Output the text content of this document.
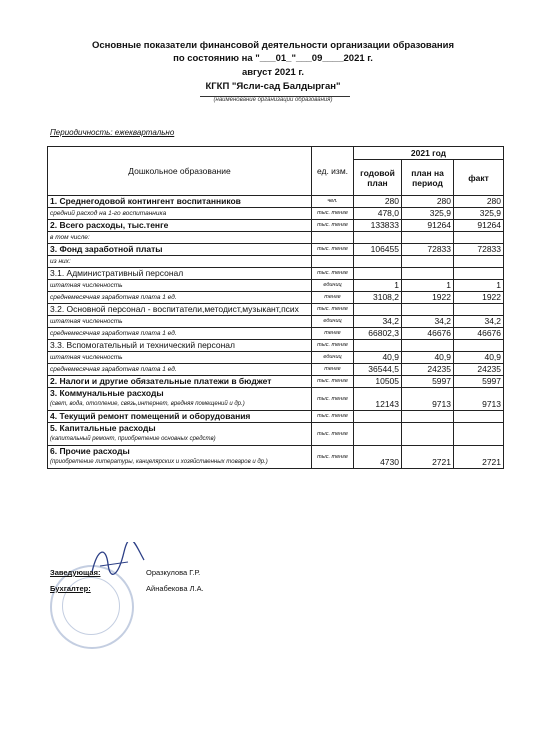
Основные показатели финансовой деятельности организации образования
по состоянию на "___01_"___09____2021 г.
август 2021 г.
КГКП "Ясли-сад Балдырган"
(наименование организации образования)
Периодичность: ежеквартально
Дошкольное образование	ед. изм.	2021 год		
		годовой план	план на период	факт
1. Среднегодовой контингент воспитанников	чел.	280	280	280
средний расход на 1-го воспитанника	тыс. тенге	478,0	325,9	325,9
2. Всего расходы, тыс.тенге	тыс. тенге	133833	91264	91264
в том числе:				
3. Фонд заработной платы	тыс. тенге	106455	72833	72833
из них:				
3.1. Административный персонал	тыс. тенге			
штатная численность	единиц	1	1	1
среднемесячная заработная плата 1 ед.	тенге	3108,2	1922	1922
3.2. Основной персонал - воспитатели,методист,музыкант,псих	тыс. тенге			
штатная численность	единиц	34,2	34,2	34,2
среднемесячная заработная плата 1 ед.	тенге	66802,3	46676	46676
3.3. Вспомогательный и технический персонал	тыс. тенге			
штатная численность	единиц	40,9	40,9	40,9
среднемесячная заработная плата 1 ед.	тенге	36544,5	24235	24235
2. Налоги и другие обязательные платежи в бюджет	тыс. тенге	10505	5997	5997
3. Коммунальные расходы
(свет, вода, отопление, связь,интернет, вредняя помещений и др.)	тыс. тенге	12143	9713	9713
4. Текущий ремонт помещений и оборудования	тыс. тенге			
5. Капитальные расходы
(капитальный ремонт, приобретение основных средств)	тыс. тенге			
6. Прочие расходы
(приобретение литературы, канцелярских и хозяйственных товаров и др.)	тыс. тенге	4730	2721	2721
Заведующая:	Оразкулова Г.Р.
Бухгалтер:	Айнабекова Л.А.
